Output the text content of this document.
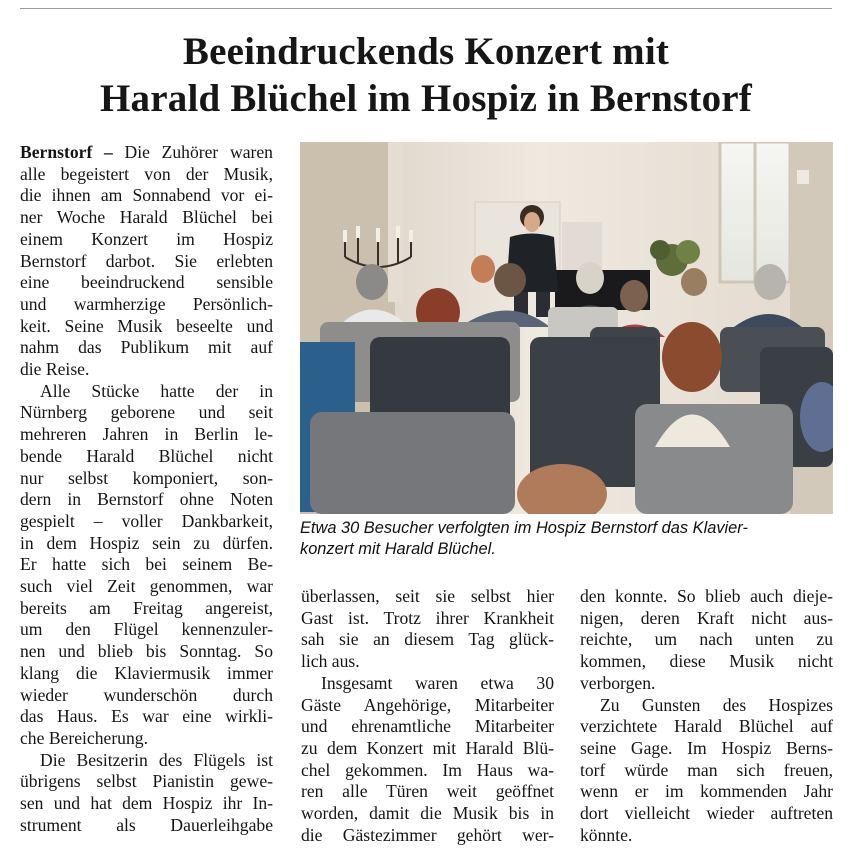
Beeindruckends Konzert mit
Harald Blüchel im Hospiz in Bernstorf
Bernstorf – Die Zuhörer waren
alle begeistert von der Musik,
die ihnen am Sonnabend vor ei-
ner Woche Harald Blüchel bei
einem Konzert im Hospiz
Bernstorf darbot. Sie erlebten
eine beeindruckend sensible
und warmherzige Persönlich-
keit. Seine Musik beseelte und
nahm das Publikum mit auf
die Reise.
Alle Stücke hatte der in
Nürnberg geborene und seit
mehreren Jahren in Berlin le-
bende Harald Blüchel nicht
nur selbst komponiert, son-
dern in Bernstorf ohne Noten
gespielt – voller Dankbarkeit,
in dem Hospiz sein zu dürfen.
Er hatte sich bei seinem Be-
such viel Zeit genommen, war
bereits am Freitag angereist,
um den Flügel kennenzuler-
nen und blieb bis Sonntag. So
klang die Klaviermusik immer
wieder wunderschön durch
das Haus. Es war eine wirkli-
che Bereicherung.
Die Besitzerin des Flügels ist
übrigens selbst Pianistin gewe-
sen und hat dem Hospiz ihr In-
strument als Dauerleihgabe
Etwa 30 Besucher verfolgten im Hospiz Bernstorf das Klavier-
konzert mit Harald Blüchel.
überlassen, seit sie selbst hier
Gast ist. Trotz ihrer Krankheit
sah sie an diesem Tag glück-
lich aus.
Insgesamt waren etwa 30
Gäste Angehörige, Mitarbeiter
und ehrenamtliche Mitarbeiter
zu dem Konzert mit Harald Blü-
chel gekommen. Im Haus wa-
ren alle Türen weit geöffnet
worden, damit die Musik bis in
die Gästezimmer gehört wer-
den konnte. So blieb auch dieje-
nigen, deren Kraft nicht aus-
reichte, um nach unten zu
kommen, diese Musik nicht
verborgen.
Zu Gunsten des Hospizes
verzichtete Harald Blüchel auf
seine Gage. Im Hospiz Berns-
torf würde man sich freuen,
wenn er im kommenden Jahr
dort vielleicht wieder auftreten
könnte.
